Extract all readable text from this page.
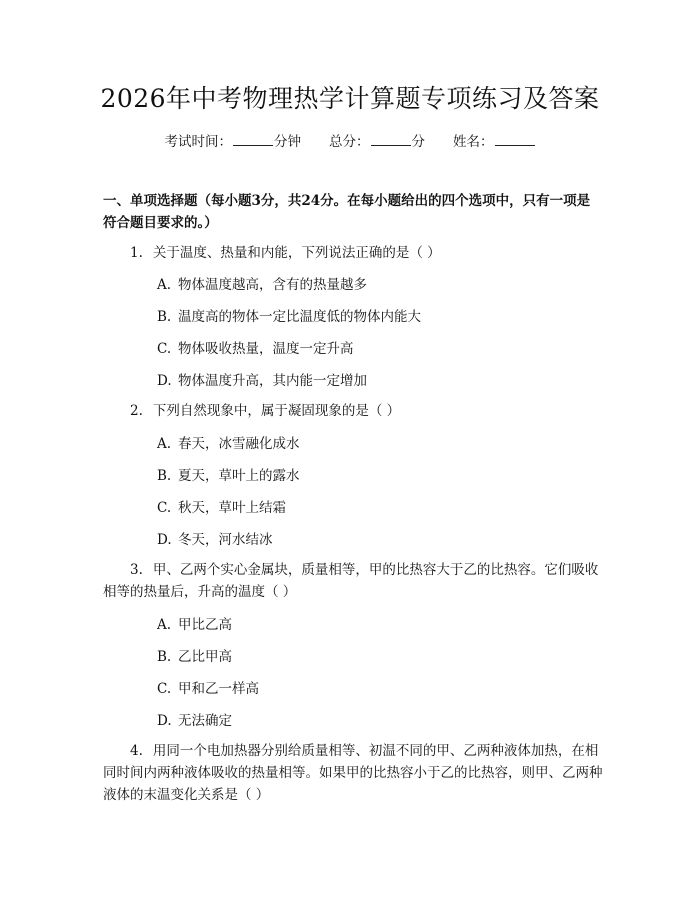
2026年中考物理热学计算题专项练习及答案
考试时间：	分钟 总分：	分 姓名：
一、单项选择题（每小题3分，共24分。在每小题给出的四个选项中，只有一项是符合题目要求的。）
1. 关于温度、热量和内能，下列说法正确的是（ ）
A. 物体温度越高，含有的热量越多
B. 温度高的物体一定比温度低的物体内能大
C. 物体吸收热量，温度一定升高
D. 物体温度升高，其内能一定增加
2. 下列自然现象中，属于凝固现象的是（ ）
A. 春天，冰雪融化成水
B. 夏天，草叶上的露水
C. 秋天，草叶上结霜
D. 冬天，河水结冰
3. 甲、乙两个实心金属块，质量相等，甲的比热容大于乙的比热容。它们吸收相等的热量后，升高的温度（ ）
A. 甲比乙高
B. 乙比甲高
C. 甲和乙一样高
D. 无法确定
4. 用同一个电加热器分别给质量相等、初温不同的甲、乙两种液体加热，在相同时间内两种液体吸收的热量相等。如果甲的比热容小于乙的比热容，则甲、乙两种液体的末温变化关系是（ ）
